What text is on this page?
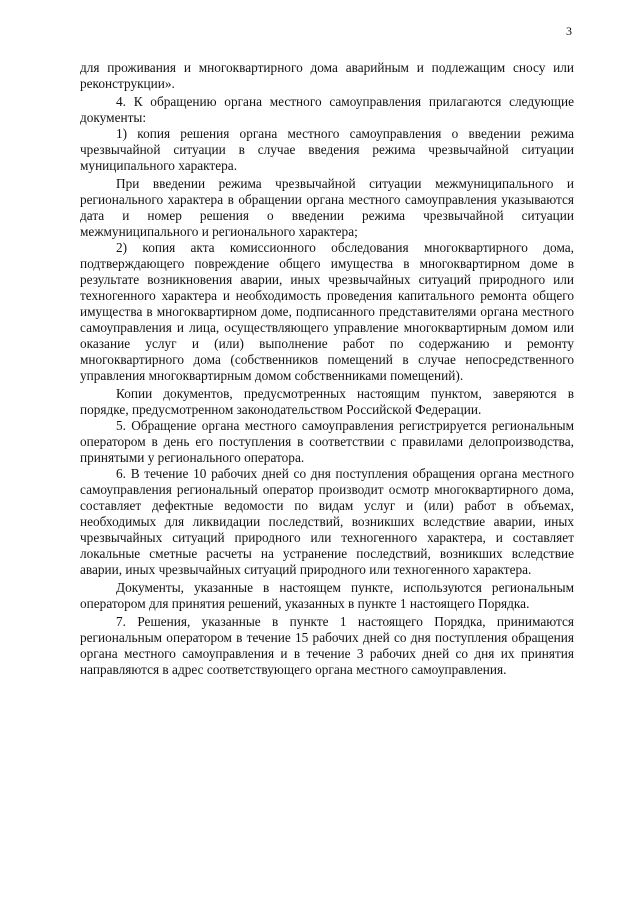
3

для проживания и многоквартирного дома аварийным и подлежащим сносу или реконструкции».

4. К обращению органа местного самоуправления прилагаются следующие документы:

1) копия решения органа местного самоуправления о введении режима чрезвычайной ситуации в случае введения режима чрезвычайной ситуации муниципального характера.

При введении режима чрезвычайной ситуации межмуниципального и регионального характера в обращении органа местного самоуправления указываются дата и номер решения о введении режима чрезвычайной ситуации межмуниципального и регионального характера;

2) копия акта комиссионного обследования многоквартирного дома, подтверждающего повреждение общего имущества в многоквартирном доме в результате возникновения аварии, иных чрезвычайных ситуаций природного или техногенного характера и необходимость проведения капитального ремонта общего имущества в многоквартирном доме, подписанного представителями органа местного самоуправления и лица, осуществляющего управление многоквартирным домом или оказание услуг и (или) выполнение работ по содержанию и ремонту многоквартирного дома (собственников помещений в случае непосредственного управления многоквартирным домом собственниками помещений).

Копии документов, предусмотренных настоящим пунктом, заверяются в порядке, предусмотренном законодательством Российской Федерации.

5. Обращение органа местного самоуправления регистрируется региональным оператором в день его поступления в соответствии с правилами делопроизводства, принятыми у регионального оператора.

6. В течение 10 рабочих дней со дня поступления обращения органа местного самоуправления региональный оператор производит осмотр многоквартирного дома, составляет дефектные ведомости по видам услуг и (или) работ в объемах, необходимых для ликвидации последствий, возникших вследствие аварии, иных чрезвычайных ситуаций природного или техногенного характера, и составляет локальные сметные расчеты на устранение последствий, возникших вследствие аварии, иных чрезвычайных ситуаций природного или техногенного характера.

Документы, указанные в настоящем пункте, используются региональным оператором для принятия решений, указанных в пункте 1 настоящего Порядка.

7. Решения, указанные в пункте 1 настоящего Порядка, принимаются региональным оператором в течение 15 рабочих дней со дня поступления обращения органа местного самоуправления и в течение 3 рабочих дней со дня их принятия направляются в адрес соответствующего органа местного самоуправления.
